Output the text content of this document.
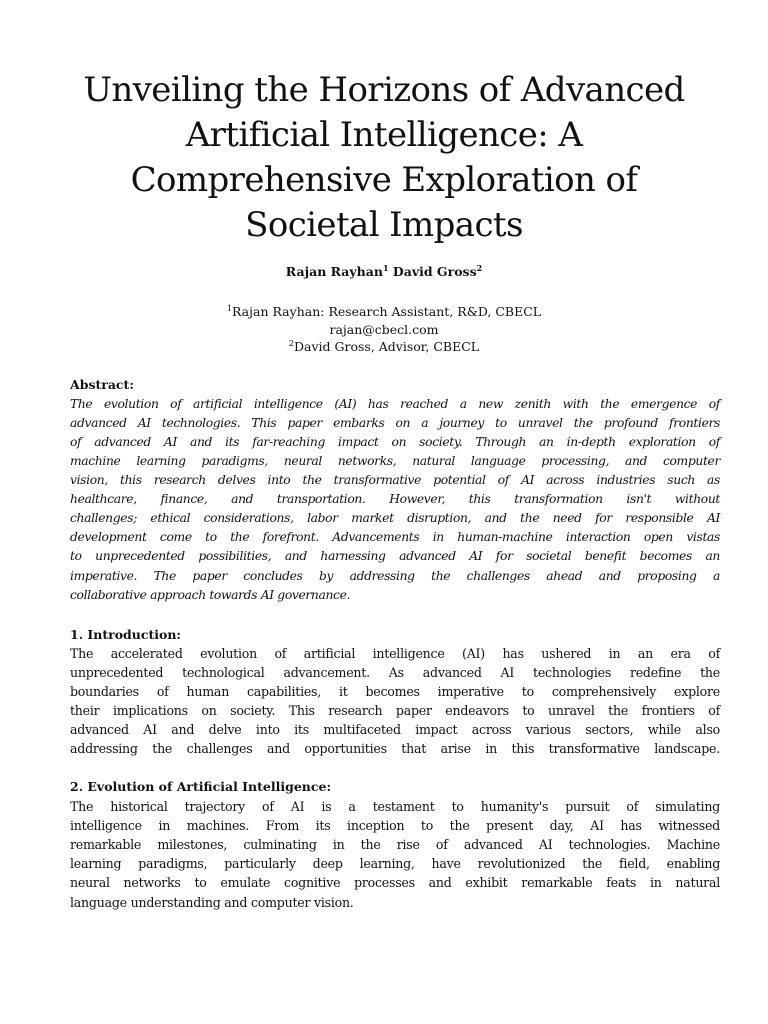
Unveiling the Horizons of Advanced
Artificial Intelligence: A
Comprehensive Exploration of
Societal Impacts
Rajan Rayhan$^1$ David Gross$^2$
$^1$Rajan Rayhan: Research Assistant, R&D, CBECL
rajan@cbecl.com
$^2$David Gross, Advisor, CBECL
Abstract:
The evolution of artificial intelligence (AI) has reached a new zenith with the emergence of
advanced AI technologies. This paper embarks on a journey to unravel the profound frontiers
of advanced AI and its far-reaching impact on society. Through an in-depth exploration of
machine learning paradigms, neural networks, natural language processing, and computer
vision, this research delves into the transformative potential of AI across industries such as
healthcare, finance, and transportation. However, this transformation isn't without
challenges; ethical considerations, labor market disruption, and the need for responsible AI
development come to the forefront. Advancements in human-machine interaction open vistas
to unprecedented possibilities, and harnessing advanced AI for societal benefit becomes an
imperative. The paper concludes by addressing the challenges ahead and proposing a
collaborative approach towards AI governance.
1. Introduction:
The accelerated evolution of artificial intelligence (AI) has ushered in an era of
unprecedented technological advancement. As advanced AI technologies redefine the
boundaries of human capabilities, it becomes imperative to comprehensively explore
their implications on society. This research paper endeavors to unravel the frontiers of
advanced AI and delve into its multifaceted impact across various sectors, while also
addressing the challenges and opportunities that arise in this transformative landscape.
2. Evolution of Artificial Intelligence:
The historical trajectory of AI is a testament to humanity's pursuit of simulating
intelligence in machines. From its inception to the present day, AI has witnessed
remarkable milestones, culminating in the rise of advanced AI technologies. Machine
learning paradigms, particularly deep learning, have revolutionized the field, enabling
neural networks to emulate cognitive processes and exhibit remarkable feats in natural
language understanding and computer vision.
